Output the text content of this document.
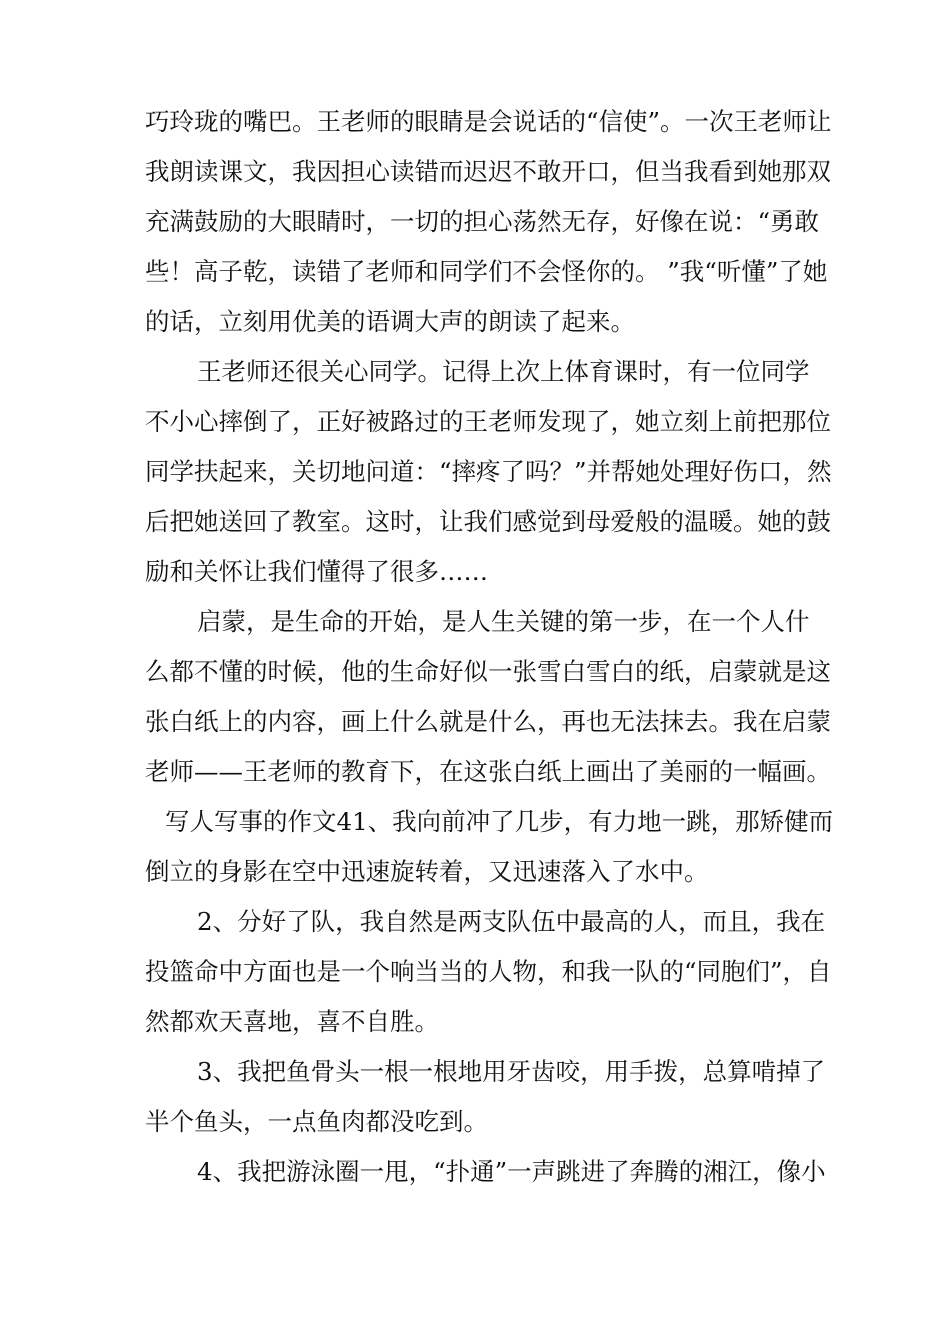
巧玲珑的嘴巴。王老师的眼睛是会说话的“信使”。一次王老师让
我朗读课文，我因担心读错而迟迟不敢开口，但当我看到她那双
充满鼓励的大眼睛时，一切的担心荡然无存，好像在说：“勇敢
些！高子乾，读错了老师和同学们不会怪你的。 ”我“听懂”了她
的话，立刻用优美的语调大声的朗读了起来。
王老师还很关心同学。记得上次上体育课时，有一位同学
不小心摔倒了，正好被路过的王老师发现了，她立刻上前把那位
同学扶起来，关切地问道：“摔疼了吗？”并帮她处理好伤口，然
后把她送回了教室。这时，让我们感觉到母爱般的温暖。她的鼓
励和关怀让我们懂得了很多……
启蒙，是生命的开始，是人生关键的第一步，在一个人什
么都不懂的时候，他的生命好似一张雪白雪白的纸，启蒙就是这
张白纸上的内容，画上什么就是什么，再也无法抹去。我在启蒙
老师——王老师的教育下，在这张白纸上画出了美丽的一幅画。
写人写事的作文41、我向前冲了几步，有力地一跳，那矫健而
倒立的身影在空中迅速旋转着，又迅速落入了水中。
2、分好了队，我自然是两支队伍中最高的人，而且，我在
投篮命中方面也是一个响当当的人物，和我一队的“同胞们”，自
然都欢天喜地，喜不自胜。
3、我把鱼骨头一根一根地用牙齿咬，用手拨，总算啃掉了
半个鱼头，一点鱼肉都没吃到。
4、我把游泳圈一甩，“扑通”一声跳进了奔腾的湘江，像小
